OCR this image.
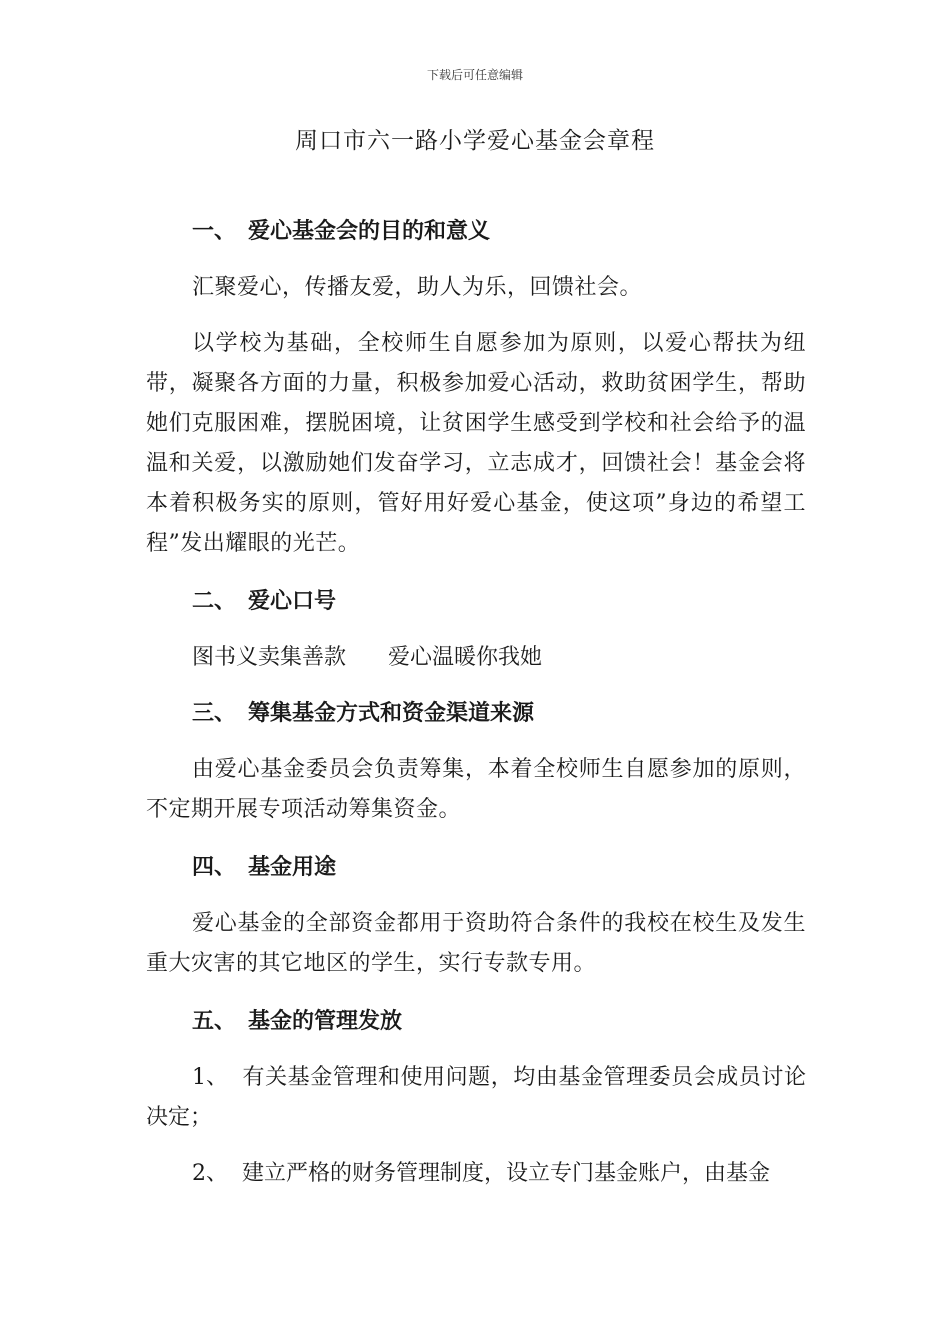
下载后可任意编辑
周口市六一路小学爱心基金会章程
一、 爱心基金会的目的和意义

汇聚爱心，传播友爱，助人为乐，回馈社会。

以学校为基础，全校师生自愿参加为原则，以爱心帮扶为纽带，凝聚各方面的力量，积极参加爱心活动，救助贫困学生，帮助她们克服困难，摆脱困境，让贫困学生感受到学校和社会给予的温温和关爱，以激励她们发奋学习，立志成才，回馈社会！基金会将本着积极务实的原则，管好用好爱心基金，使这项”身边的希望工程”发出耀眼的光芒。

二、 爱心口号
图书义卖集善款 爱心温暖你我她
三、 筹集基金方式和资金渠道来源

由爱心基金委员会负责筹集，本着全校师生自愿参加的原则，不定期开展专项活动筹集资金。

四、 基金用途

爱心基金的全部资金都用于资助符合条件的我校在校生及发生重大灾害的其它地区的学生，实行专款专用。

五、 基金的管理发放

1、 有关基金管理和使用问题，均由基金管理委员会成员讨论决定；

2、 建立严格的财务管理制度，设立专门基金账户，由基金
